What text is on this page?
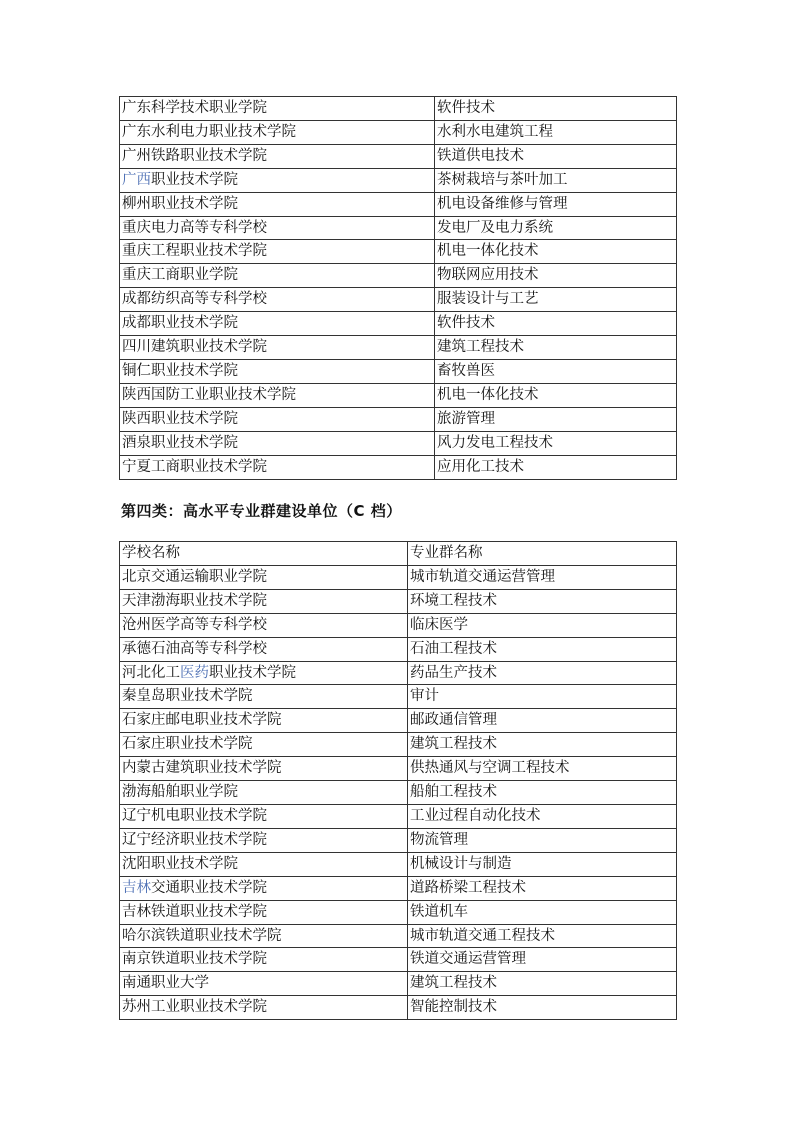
广东科学技术职业学院	软件技术
广东水利电力职业技术学院	水利水电建筑工程
广州铁路职业技术学院	铁道供电技术
广西职业技术学院	茶树栽培与茶叶加工
柳州职业技术学院	机电设备维修与管理
重庆电力高等专科学校	发电厂及电力系统
重庆工程职业技术学院	机电一体化技术
重庆工商职业学院	物联网应用技术
成都纺织高等专科学校	服装设计与工艺
成都职业技术学院	软件技术
四川建筑职业技术学院	建筑工程技术
铜仁职业技术学院	畜牧兽医
陕西国防工业职业技术学院	机电一体化技术
陕西职业技术学院	旅游管理
酒泉职业技术学院	风力发电工程技术
宁夏工商职业技术学院	应用化工技术
第四类：高水平专业群建设单位（C 档）
学校名称	专业群名称
北京交通运输职业学院	城市轨道交通运营管理
天津渤海职业技术学院	环境工程技术
沧州医学高等专科学校	临床医学
承德石油高等专科学校	石油工程技术
河北化工医药职业技术学院	药品生产技术
秦皇岛职业技术学院	审计
石家庄邮电职业技术学院	邮政通信管理
石家庄职业技术学院	建筑工程技术
内蒙古建筑职业技术学院	供热通风与空调工程技术
渤海船舶职业学院	船舶工程技术
辽宁机电职业技术学院	工业过程自动化技术
辽宁经济职业技术学院	物流管理
沈阳职业技术学院	机械设计与制造
吉林交通职业技术学院	道路桥梁工程技术
吉林铁道职业技术学院	铁道机车
哈尔滨铁道职业技术学院	城市轨道交通工程技术
南京铁道职业技术学院	铁道交通运营管理
南通职业大学	建筑工程技术
苏州工业职业技术学院	智能控制技术
